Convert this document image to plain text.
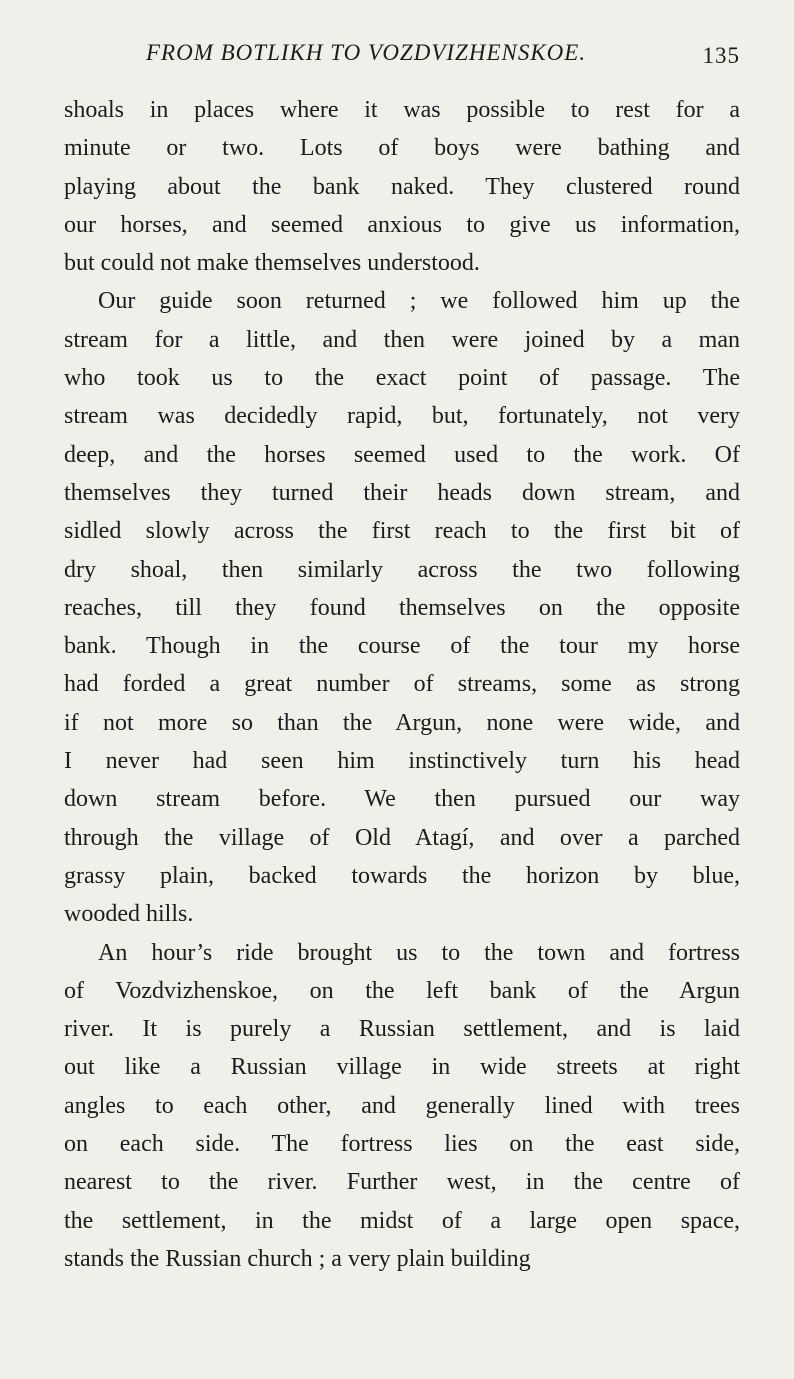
FROM BOTLIKH TO VOZDVIZHENSKOE.	135
shoals in places where it was possible to rest for a
minute or two. Lots of boys were bathing and
playing about the bank naked. They clustered round
our horses, and seemed anxious to give us information,
but could not make themselves understood.
Our guide soon returned ; we followed him up the
stream for a little, and then were joined by a man
who took us to the exact point of passage. The
stream was decidedly rapid, but, fortunately, not very
deep, and the horses seemed used to the work. Of
themselves they turned their heads down stream, and
sidled slowly across the first reach to the first bit of
dry shoal, then similarly across the two following
reaches, till they found themselves on the opposite
bank. Though in the course of the tour my horse
had forded a great number of streams, some as strong
if not more so than the Argun, none were wide, and
I never had seen him instinctively turn his head
down stream before. We then pursued our way
through the village of Old Atagí, and over a parched
grassy plain, backed towards the horizon by blue,
wooded hills.
An hour’s ride brought us to the town and fortress
of Vozdvizhenskoe, on the left bank of the Argun
river. It is purely a Russian settlement, and is laid
out like a Russian village in wide streets at right
angles to each other, and generally lined with trees
on each side. The fortress lies on the east side,
nearest to the river. Further west, in the centre of
the settlement, in the midst of a large open space,
stands the Russian church ; a very plain building
